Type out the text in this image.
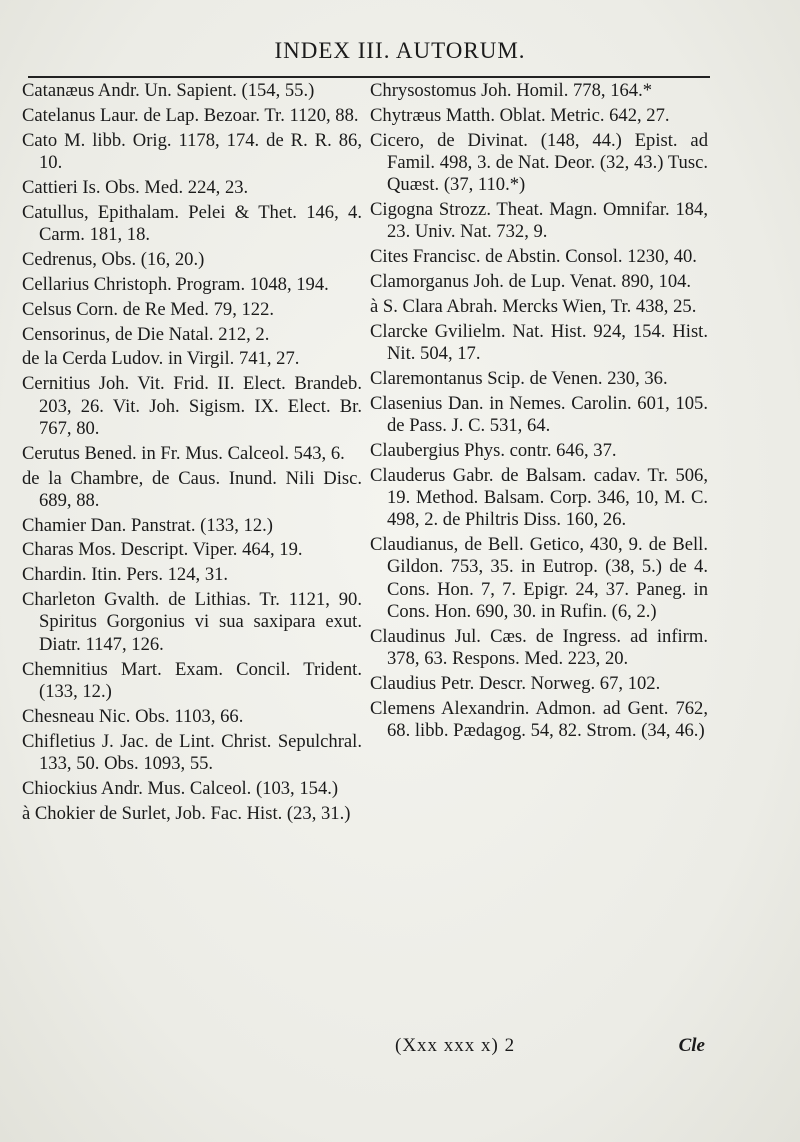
INDEX III. AUTORUM.

Catanæus Andr. Un. Sapient. (154, 55.)

Catelanus Laur. de Lap. Bezoar. Tr. 1120, 88.

Cato M. libb. Orig. 1178, 174. de R. R. 86, 10.

Cattieri Is. Obs. Med. 224, 23.

Catullus, Epithalam. Pelei & Thet. 146, 4. Carm. 181, 18.

Cedrenus, Obs. (16, 20.)

Cellarius Christoph. Program. 1048, 194.

Celsus Corn. de Re Med. 79, 122.

Censorinus, de Die Natal. 212, 2.

de la Cerda Ludov. in Virgil. 741, 27.

Cernitius Joh. Vit. Frid. II. Elect. Brandeb. 203, 26. Vit. Joh. Sigism. IX. Elect. Br. 767, 80.

Cerutus Bened. in Fr. Mus. Calceol. 543, 6.

de la Chambre, de Caus. Inund. Nili Disc. 689, 88.

Chamier Dan. Panstrat. (133, 12.)

Charas Mos. Descript. Viper. 464, 19.

Chardin. Itin. Pers. 124, 31.

Charleton Gvalth. de Lithias. Tr. 1121, 90. Spiritus Gorgonius vi sua saxipara exut. Diatr. 1147, 126.

Chemnitius Mart. Exam. Concil. Trident. (133, 12.)

Chesneau Nic. Obs. 1103, 66.

Chifletius J. Jac. de Lint. Christ. Sepulchral. 133, 50. Obs. 1093, 55.

Chiockius Andr. Mus. Calceol. (103, 154.)

à Chokier de Surlet, Job. Fac. Hist. (23, 31.)

Chrysostomus Joh. Homil. 778, 164.*

Chytræus Matth. Oblat. Metric. 642, 27.

Cicero, de Divinat. (148, 44.) Epist. ad Famil. 498, 3. de Nat. Deor. (32, 43.) Tusc. Quæst. (37, 110.*)

Cigogna Strozz. Theat. Magn. Omnifar. 184, 23. Univ. Nat. 732, 9.

Cites Francisc. de Abstin. Consol. 1230, 40.

Clamorganus Joh. de Lup. Venat. 890, 104.

à S. Clara Abrah. Mercks Wien, Tr. 438, 25.

Clarcke Gvilielm. Nat. Hist. 924, 154. Hist. Nit. 504, 17.

Claremontanus Scip. de Venen. 230, 36.

Clasenius Dan. in Nemes. Carolin. 601, 105. de Pass. J. C. 531, 64.

Claubergius Phys. contr. 646, 37.

Clauderus Gabr. de Balsam. cadav. Tr. 506, 19. Method. Balsam. Corp. 346, 10, M. C. 498, 2. de Philtris Diss. 160, 26.

Claudianus, de Bell. Getico, 430, 9. de Bell. Gildon. 753, 35. in Eutrop. (38, 5.) de 4. Cons. Hon. 7, 7. Epigr. 24, 37. Paneg. in Cons. Hon. 690, 30. in Rufin. (6, 2.)

Claudinus Jul. Cæs. de Ingress. ad infirm. 378, 63. Respons. Med. 223, 20.

Claudius Petr. Descr. Norweg. 67, 102.

Clemens Alexandrin. Admon. ad Gent. 762, 68. libb. Pædagog. 54, 82. Strom. (34, 46.)

(Xxx xxx x) 2	Cle
